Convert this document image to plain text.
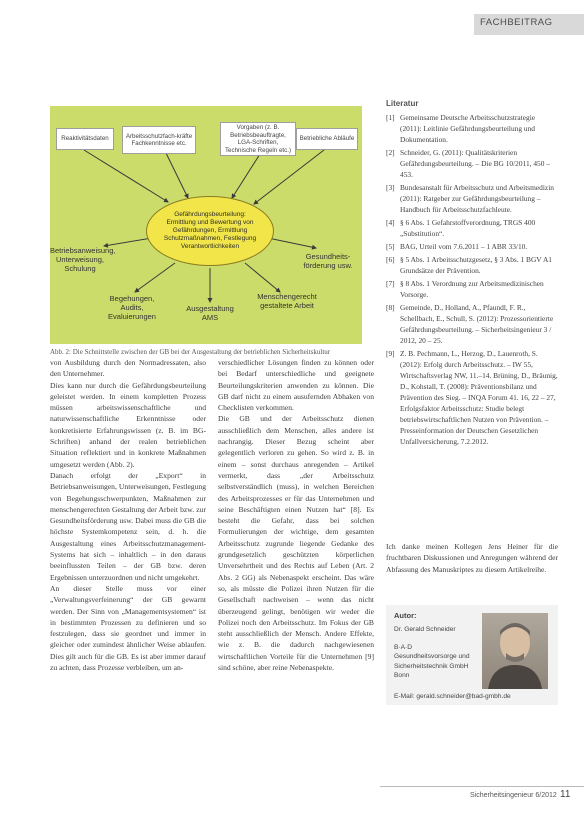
FACHBEITRAG
Reaktivitätsdaten	Arbeitsschutzfach-kräfte Fachkenntnisse etc.
Vorgaben (z. B. Betriebsbeauftragte, LGA-Schriften, Technische Regeln etc.)
Betriebliche Abläufe
Gefährdungsbeurteilung: Ermittlung und Bewertung von Gefährdungen, Ermittlung Schutzmaßnahmen, Festlegung Verantwortlichkeiten
Betriebsanweisung, Unterweisung, Schulung
Gesundheits-förderung usw.
Begehungen, Audits, Evaluierungen
Menschengerecht gestaltete Arbeit
Ausgestaltung AMS
Abb. 2: Die Schnittstelle zwischen der GB bei der Ausgestaltung der betrieblichen Sicherheitskultur

von Ausbildung durch den Normadressaten, also den Unternehmer.

Dies kann nur durch die Gefährdungsbeurteilung geleistet werden. In einem kompletten Prozess müssen arbeitswissenschaftliche und naturwissenschaftliche Erkenntnisse oder konkretisierte Erfahrungswissen (z. B. im BG-Schriften) anhand der realen betrieblichen Situation reflektiert und in konkrete Maßnahmen umgesetzt werden (Abb. 2).

Danach erfolgt der „Export“ in Betriebsanweisungen, Unterweisungen, Festlegung von Begehungsschwerpunkten, Maßnahmen zur menschengerechten Gestaltung der Arbeit bzw. zur Gesundheitsförderung usw. Dabei muss die GB die höchste Systemkompetenz sein, d. h. die Ausgestaltung eines Arbeitsschutzmanagement-Systems hat sich – inhaltlich – in den daraus beeinflussten Teilen – der GB bzw. deren Ergebnissen unterzuordnen und nicht umgekehrt.

An dieser Stelle muss vor einer „Verwaltungsverfeinerung“ der GB gewarnt werden. Der Sinn von „Managementsystemen“ ist in bestimmten Prozessen zu definieren und so festzulegen, dass sie geordnet und immer in gleicher oder zumindest ähnlicher Weise ablaufen. Dies gilt auch für die GB. Es ist aber immer darauf zu achten, dass Prozesse verbleiben, um an-

verschiedlicher Lösungen finden zu können oder bei Bedarf unterschiedliche und geeignete Beurteilungskriterien anwenden zu können. Die GB darf nicht zu einem ausufernden Abhaken von Checklisten verkommen.

Die GB und der Arbeitsschutz dienen ausschließlich dem Menschen, alles andere ist nachrangig. Dieser Bezug scheint aber gelegentlich verloren zu gehen. So wird z. B. in einem – sonst durchaus anregenden – Artikel vermerkt, dass „der Arbeitsschutz selbstverständlich (muss), in welchen Bereichen des Arbeitsprozesses er für das Unternehmen und seine Beschäftigten einen Nutzen hat“ [8]. Es besteht die Gefahr, dass bei solchen Formulierungen der wichtige, dem gesamten Arbeitsschutz zugrunde liegende Gedanke des grundgesetzlich geschützten körperlichen Unversehrtheit und des Rechts auf Leben (Art. 2 Abs. 2 GG) als Nebenaspekt erscheint. Das wäre so, als müsste die Polizei ihren Nutzen für die Gesellschaft nachweisen – wenn das nicht überzeugend gelingt, benötigen wir weder die Polizei noch den Arbeitsschutz. Im Fokus der GB steht ausschließlich der Mensch. Andere Effekte, wie z. B. die dadurch nachgewiesenen wirtschaftlichen Vorteile für die Unternehmen [9] sind schöne, aber reine Nebenaspekte.

Literatur
[1] Gemeinsame Deutsche Arbeitsschutzstrategie (2011): Leitlinie Gefährdungsbeurteilung und Dokumentation.
[2] Schneider, G. (2011): Qualitätskriterien Gefährdungsbeurteilung. – Die BG 10/2011, 450 – 453.
[3] Bundesanstalt für Arbeitsschutz und Arbeitsmedizin (2011): Ratgeber zur Gefährdungsbeurteilung – Handbuch für Arbeitsschutzfachleute.
[4] § 6 Abs. 1 Gefahrstoffverordnung, TRGS 400 „Substitution“.
[5] BAG, Urteil vom 7.6.2011 – 1 ABR 33/10.
[6] § 5 Abs. 1 Arbeitsschutzgesetz, § 3 Abs. 1 BGV A1 Grundsätze der Prävention.
[7] § 8 Abs. 1 Verordnung zur Arbeitsmedizinischen Vorsorge.
[8] Gemeinde, D., Holland, A., Pfaundl, F. R., Schellbach, E., Schull, S. (2012): Prozessorientierte Gefährdungsbeurteilung. – Sicherheitsingenieur 3 / 2012, 20 – 25.
[9] Z. B. Pechmann, L., Herzog, D., Lauenroth, S. (2012): Erfolg durch Arbeitsschutz. – IW 55, Wirtschaftsverlag NW, 11.–14. Brüning, D., Bräunig, D., Kohstall, T. (2008): Präventionsbilanz und Prävention des Sieg. – INQA Forum 41. 16, 22 – 27, Erfolgsfaktor Arbeitsschutz: Studie belegt betriebswirtschaftlichen Nutzen von Prävention. – Presseinformation der Deutschen Gesetzlichen Unfallversicherung, 7.2.2012.
Ich danke meinen Kollegen Jens Heiner für die fruchtbaren Diskussionen und Anregungen während der Abfassung des Manuskriptes zu diesem Artikelreihe.
Autor:
Dr. Gerald Schneider
B·A·D Gesundheitsvorsorge und Sicherheitstechnik GmbH
Bonn
E-Mail: gerald.schneider@bad-gmbh.de
Sicherheitsingenieur 6/2012 11
